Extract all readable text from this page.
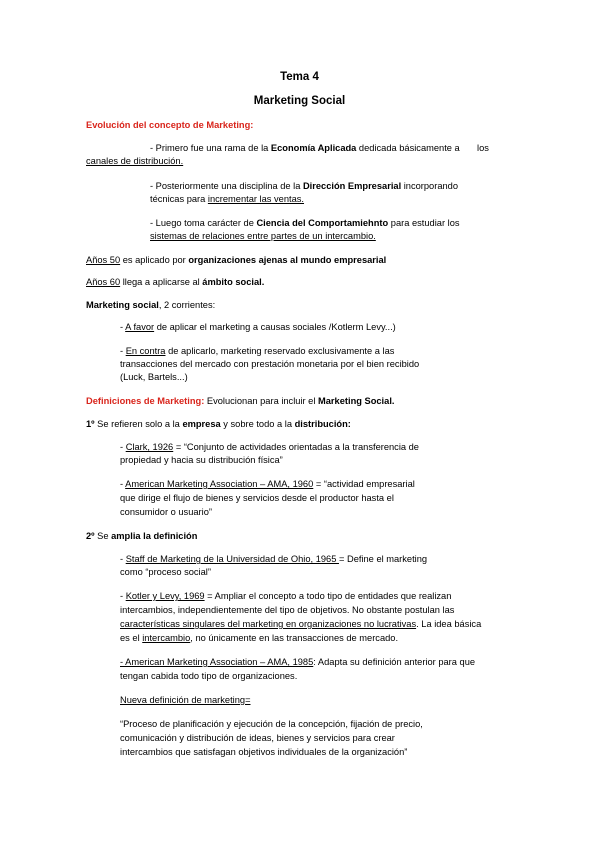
Tema 4
Marketing Social
Evolución del concepto de Marketing:
- Primero fue una rama de la Economía Aplicada dedicada básicamente a los
canales de distribución.
- Posteriormente una disciplina de la Dirección Empresarial incorporando
técnicas para incrementar las ventas.
- Luego toma carácter de Ciencia del Comportamiehnto para estudiar los
sistemas de relaciones entre partes de un intercambio.
Años 50 es aplicado por organizaciones ajenas al mundo empresarial
Años 60 llega a aplicarse al ámbito social.
Marketing social, 2 corrientes:
- A favor de aplicar el marketing a causas sociales /Kotlerm Levy...)
- En contra de aplicarlo, marketing reservado exclusivamente a las
transacciones del mercado con prestación monetaria por el bien recibido
(Luck, Bartels...)
Definiciones de Marketing: Evolucionan para incluir el Marketing Social.
1º Se refieren solo a la empresa y sobre todo a la distribución:
- Clark, 1926 = “Conjunto de actividades orientadas a la transferencia de
propiedad y hacia su distribución física”
- American Marketing Association – AMA, 1960 = “actividad empresarial
que dirige el flujo de bienes y servicios desde el productor hasta el
consumidor o usuario”
2º Se amplia la definición
- Staff de Marketing de la Universidad de Ohio, 1965 = Define el marketing
como “proceso social”
- Kotler y Levy, 1969 = Ampliar el concepto a todo tipo de entidades que realizan
intercambios, independientemente del tipo de objetivos. No obstante postulan las
características singulares del marketing en organizaciones no lucrativas. La idea básica
es el intercambio, no únicamente en las transacciones de mercado.
- American Marketing Association – AMA, 1985: Adapta su definición anterior para que
tengan cabida todo tipo de organizaciones.
Nueva definición de marketing=
“Proceso de planificación y ejecución de la concepción, fijación de precio,
comunicación y distribución de ideas, bienes y servicios para crear
intercambios que satisfagan objetivos individuales de la organización”
